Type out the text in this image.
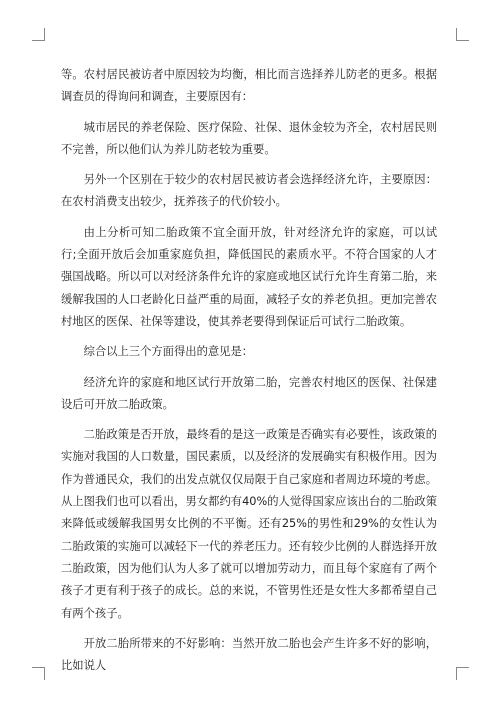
等。农村居民被访者中原因较为均衡，相比而言选择养儿防老的更多。根据调查员的得询问和调查，主要原因有：

城市居民的养老保险、医疗保险、社保、退休金较为齐全，农村居民则不完善，所以他们认为养儿防老较为重要。

另外一个区别在于较少的农村居民被访者会选择经济允许，主要原因：在农村消费支出较少，抚养孩子的代价较小。

由上分析可知二胎政策不宜全面开放，针对经济允许的家庭，可以试行;全面开放后会加重家庭负担，降低国民的素质水平。不符合国家的人才强国战略。所以可以对经济条件允许的家庭或地区试行允许生育第二胎，来缓解我国的人口老龄化日益严重的局面，减轻子女的养老负担。更加完善农村地区的医保、社保等建设，使其养老要得到保证后可试行二胎政策。

综合以上三个方面得出的意见是：

经济允许的家庭和地区试行开放第二胎，完善农村地区的医保、社保建设后可开放二胎政策。

二胎政策是否开放，最终看的是这一政策是否确实有必要性，该政策的实施对我国的人口数量，国民素质，以及经济的发展确实有积极作用。因为作为普通民众，我们的出发点就仅仅局限于自己家庭和者周边环境的考虑。从上图我们也可以看出，男女都约有40%的人觉得国家应该出台的二胎政策来降低或缓解我国男女比例的不平衡。还有25%的男性和29%的女性认为二胎政策的实施可以减轻下一代的养老压力。还有较少比例的人群选择开放二胎政策，因为他们认为人多了就可以增加劳动力，而且每个家庭有了两个孩子才更有利于孩子的成长。总的来说，不管男性还是女性大多都希望自己有两个孩子。

开放二胎所带来的不好影响：当然开放二胎也会产生许多不好的影响，比如说人
